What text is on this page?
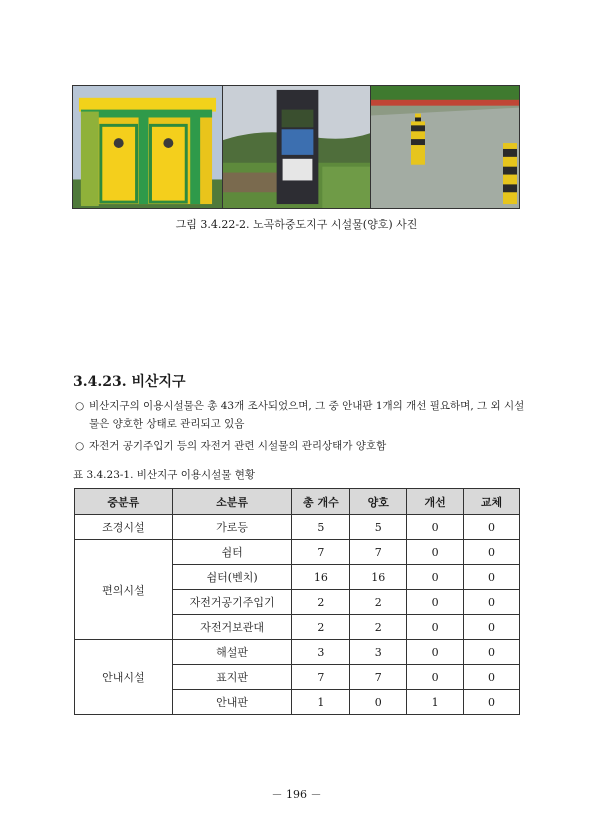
그림 3.4.22-2. 노곡하중도지구 시설물(양호) 사진
3.4.23. 비산지구
○ 비산지구의 이용시설물은 총 43개 조사되었으며, 그 중 안내판 1개의 개선 필요하며, 그 외 시설물은 양호한 상태로 관리되고 있음
○ 자전거 공기주입기 등의 자전거 관련 시설물의 관리상태가 양호함
표 3.4.23-1. 비산지구 이용시설물 현황
중분류	소분류	총 개수	양호	개선	교체
조경시설	가로등	5	5	0	0
편의시설	쉼터	7	7	0	0
	쉼터(벤치)	16	16	0	0
	자전거공기주입기	2	2	0	0
	자전거보관대	2	2	0	0
안내시설	해설판	3	3	0	0
	표지판	7	7	0	0
	안내판	1	0	1	0
－ 196 －
